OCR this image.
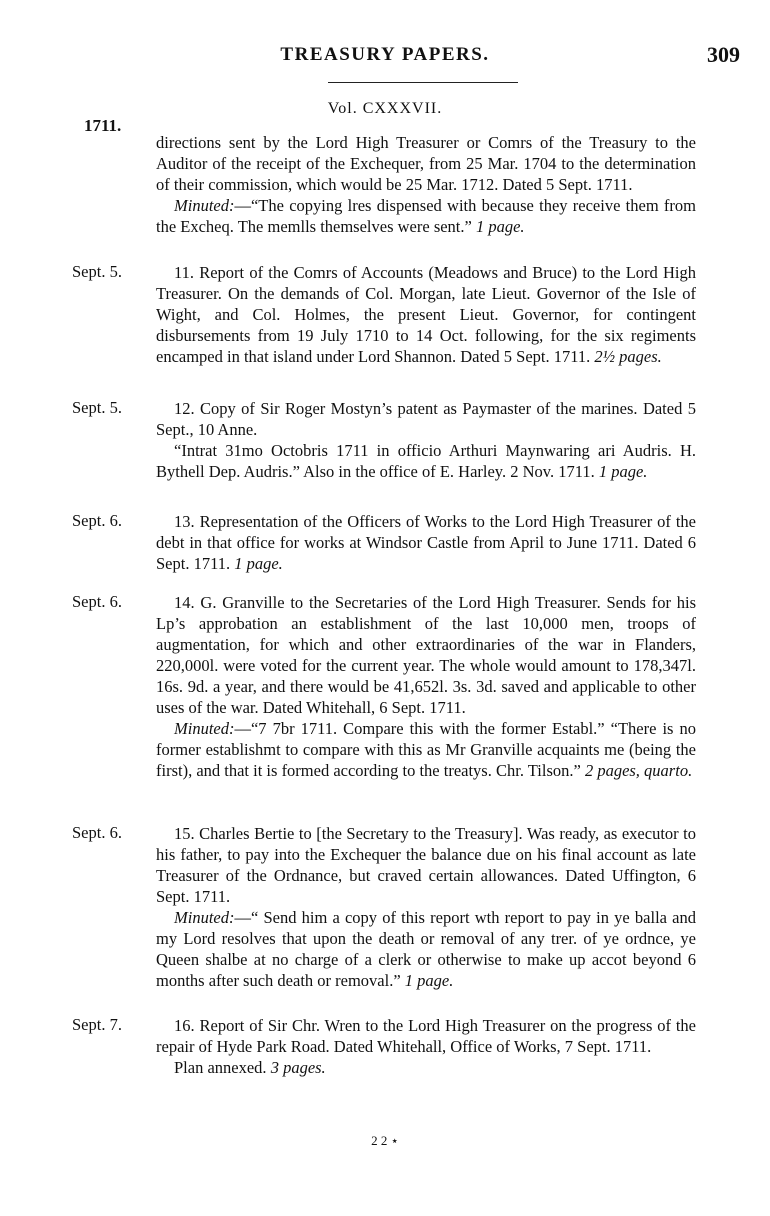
TREASURY PAPERS.	309
Vol. CXXXVII.
1711.

directions sent by the Lord High Treasurer or Comrs of the Treasury to the Auditor of the receipt of the Exchequer, from 25 Mar. 1704 to the determination of their commission, which would be 25 Mar. 1712. Dated 5 Sept. 1711.

Minuted:—“The copying lres dispensed with because they receive them from the Excheq. The memlls themselves were sent.” 1 page.

Sept. 5.	11. Report of the Comrs of Accounts (Meadows and Bruce) to the Lord High Treasurer. On the demands of Col. Morgan, late Lieut. Governor of the Isle of Wight, and Col. Holmes, the present Lieut. Governor, for contingent disbursements from 19 July 1710 to 14 Oct. following, for the six regiments encamped in that island under Lord Shannon. Dated 5 Sept. 1711. 2½ pages.

Sept. 5.	12. Copy of Sir Roger Mostyn’s patent as Paymaster of the marines. Dated 5 Sept., 10 Anne.

“Intrat 31mo Octobris 1711 in officio Arthuri Maynwaring ari Audris. H. Bythell Dep. Audris.” Also in the office of E. Harley. 2 Nov. 1711. 1 page.

Sept. 6.	13. Representation of the Officers of Works to the Lord High Treasurer of the debt in that office for works at Windsor Castle from April to June 1711. Dated 6 Sept. 1711. 1 page.

Sept. 6.	14. G. Granville to the Secretaries of the Lord High Treasurer. Sends for his Lp’s approbation an establishment of the last 10,000 men, troops of augmentation, for which and other extraordinaries of the war in Flanders, 220,000l. were voted for the current year. The whole would amount to 178,347l. 16s. 9d. a year, and there would be 41,652l. 3s. 3d. saved and applicable to other uses of the war. Dated Whitehall, 6 Sept. 1711.

Minuted:—“7 7br 1711. Compare this with the former Establ.” “There is no former establishmt to compare with this as Mr Granville acquaints me (being the first), and that it is formed according to the treatys. Chr. Tilson.” 2 pages, quarto.

Sept. 6.	15. Charles Bertie to [the Secretary to the Treasury]. Was ready, as executor to his father, to pay into the Exchequer the balance due on his final account as late Treasurer of the Ordnance, but craved certain allowances. Dated Uffington, 6 Sept. 1711.

Minuted:—“ Send him a copy of this report wth report to pay in ye balla and my Lord resolves that upon the death or removal of any trer. of ye ordnce, ye Queen shalbe at no charge of a clerk or otherwise to make up accot beyond 6 months after such death or removal.” 1 page.

Sept. 7.	16. Report of Sir Chr. Wren to the Lord High Treasurer on the progress of the repair of Hyde Park Road. Dated Whitehall, Office of Works, 7 Sept. 1711.

Plan annexed. 3 pages.

2 2 ⋆
